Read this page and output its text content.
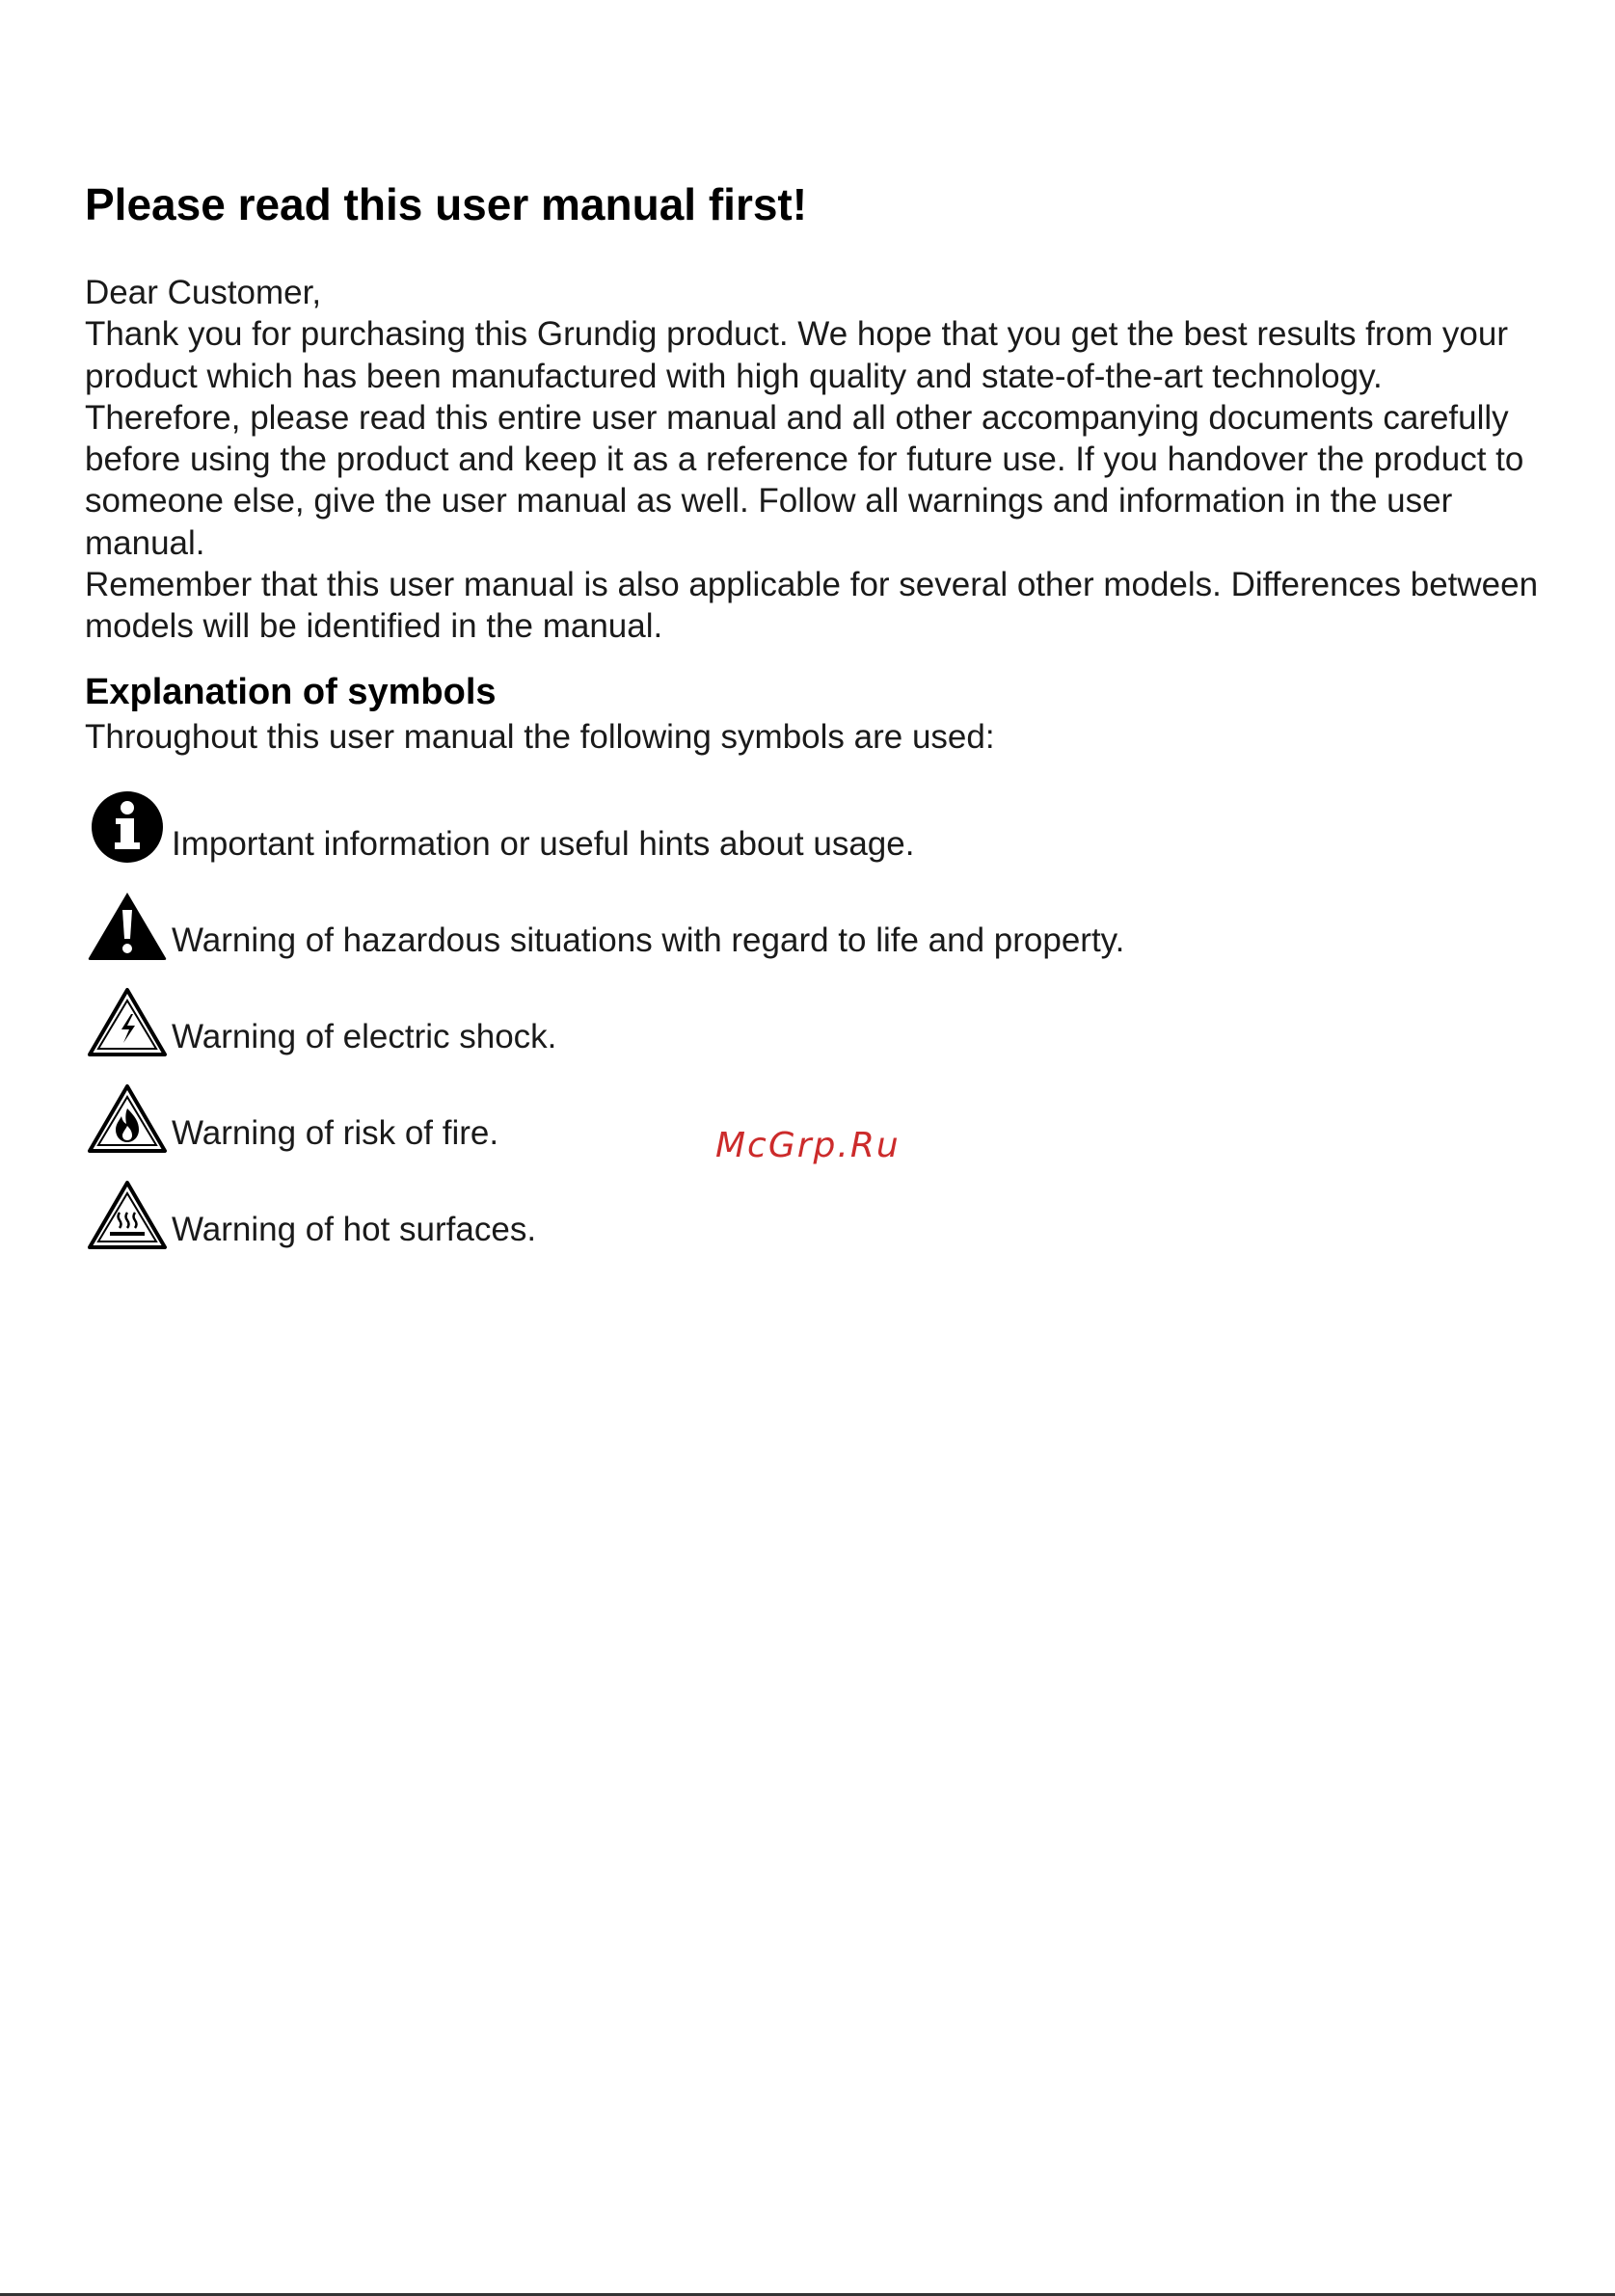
Please read this user manual first!

Dear Customer,

Thank you for purchasing this Grundig product. We hope that you get the best results from your product which has been manufactured with high quality and state-of-the-art technology. Therefore, please read this entire user manual and all other accompanying documents carefully before using the product and keep it as a reference for future use. If you handover the product to someone else, give the user manual as well. Follow all warnings and information in the user manual.

Remember that this user manual is also applicable for several other models. Differences between models will be identified in the manual.

Explanation of symbols
Throughout this user manual the following symbols are used:
Important information or useful hints about usage.
Warning of hazardous situations with regard to life and property.
Warning of electric shock.
Warning of risk of fire.
Warning of hot surfaces.
McGrp.Ru
